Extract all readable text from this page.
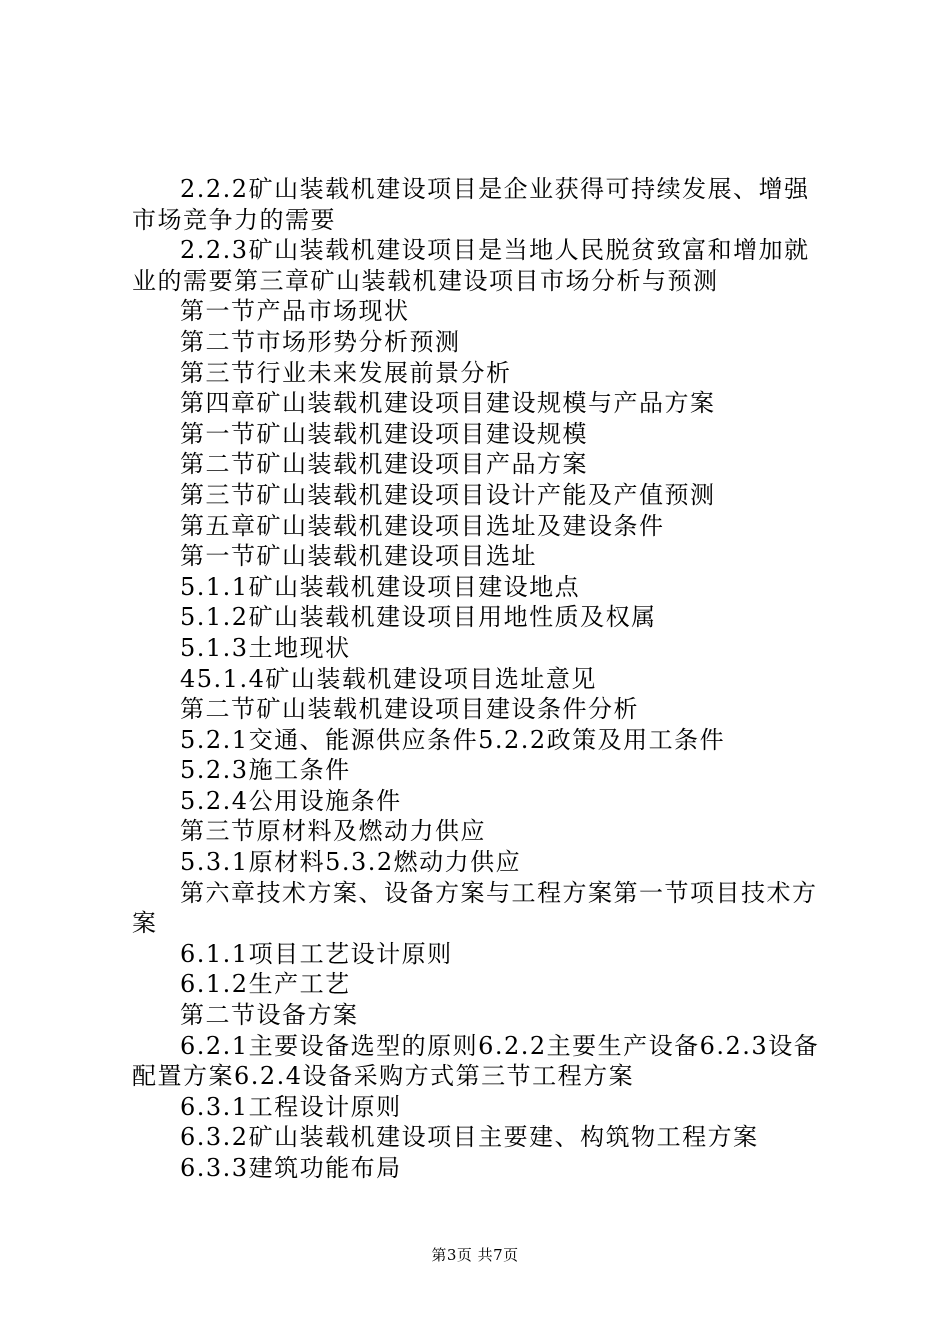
2.2.2矿山装载机建设项目是企业获得可持续发展、增强市场竞争力的需要

2.2.3矿山装载机建设项目是当地人民脱贫致富和增加就业的需要第三章矿山装载机建设项目市场分析与预测

第一节产品市场现状

第二节市场形势分析预测

第三节行业未来发展前景分析

第四章矿山装载机建设项目建设规模与产品方案

第一节矿山装载机建设项目建设规模

第二节矿山装载机建设项目产品方案

第三节矿山装载机建设项目设计产能及产值预测

第五章矿山装载机建设项目选址及建设条件

第一节矿山装载机建设项目选址

5.1.1矿山装载机建设项目建设地点

5.1.2矿山装载机建设项目用地性质及权属

5.1.3土地现状

45.1.4矿山装载机建设项目选址意见

第二节矿山装载机建设项目建设条件分析

5.2.1交通、能源供应条件5.2.2政策及用工条件

5.2.3施工条件

5.2.4公用设施条件

第三节原材料及燃动力供应

5.3.1原材料5.3.2燃动力供应

第六章技术方案、设备方案与工程方案第一节项目技术方案

6.1.1项目工艺设计原则

6.1.2生产工艺

第二节设备方案

6.2.1主要设备选型的原则6.2.2主要生产设备6.2.3设备配置方案6.2.4设备采购方式第三节工程方案

6.3.1工程设计原则

6.3.2矿山装载机建设项目主要建、构筑物工程方案

6.3.3建筑功能布局

第3页 共7页
